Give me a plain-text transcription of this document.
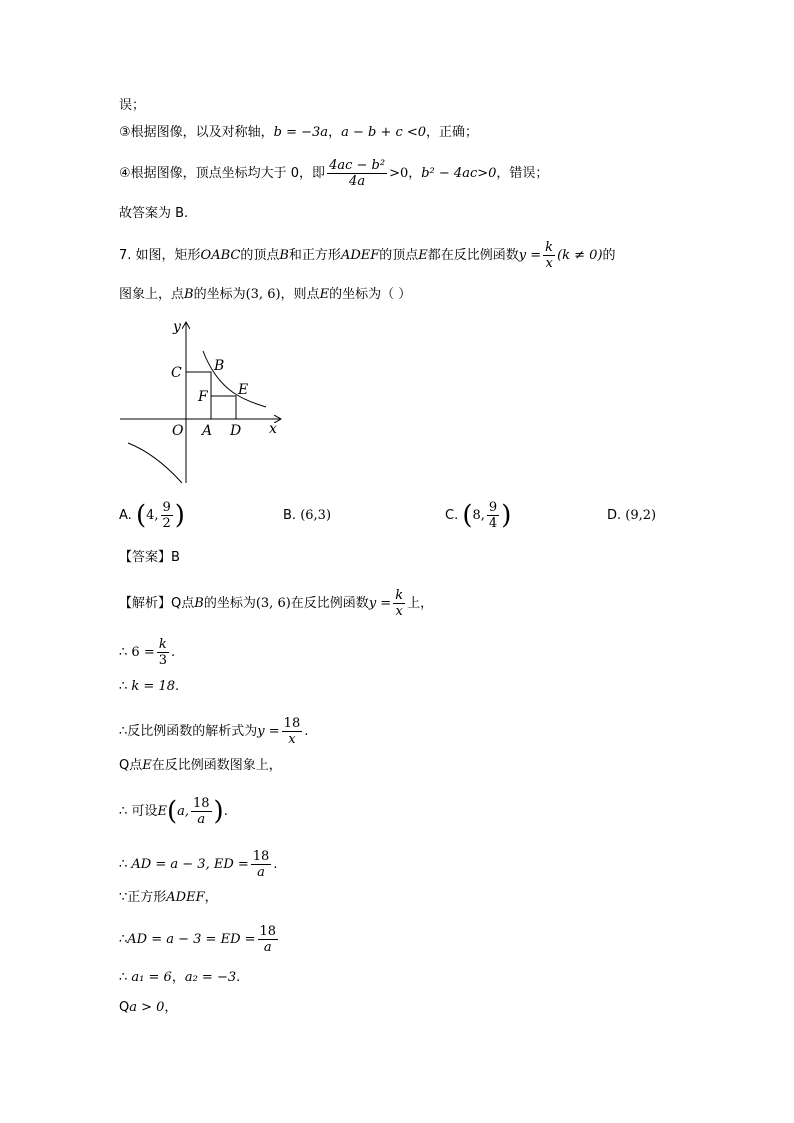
误；
③根据图像，以及对称轴，b = −3a，a − b + c <0，正确；
④根据图像，顶点坐标均大于 0，即 $\frac{\text{4ac − b²}}{4a} >0$，b² − 4ac>0，错误；
故答案为 B.
7. 如图，矩形OABC的顶点B和正方形ADEF的顶点E都在反比例函数$y = \frac{k}{x} (k \ne 0)$的
图象上，点B的坐标为(3, 6)，则点E的坐标为（ ）
y
x
O A D
C
F
B
E
A. (4, $\frac{9}{2}$ )	B. (6,3)	C. (8, $\frac{9}{4}$ )	D. (9,2)
【答案】B
【解析】Q点B的坐标为(3, 6)在反比例函数$y = \frac{k}{x}$ 上，
∴ $6 = \frac{k}{3}$ .
∴ k = 18.
∴反比例函数的解析式为$y = \frac{18}{x}$ .
Q点E在反比例函数图象上，
∴ 可设E(a, $\frac{18}{a}$ ).
∴ AD = a − 3, ED = $\frac{18}{a}$ .
∵正方形ADEF，
∴AD = a − 3 = ED = $\frac{18}{a}$
∴ a₁ = 6，a₂ = −3.
Qa > 0，
